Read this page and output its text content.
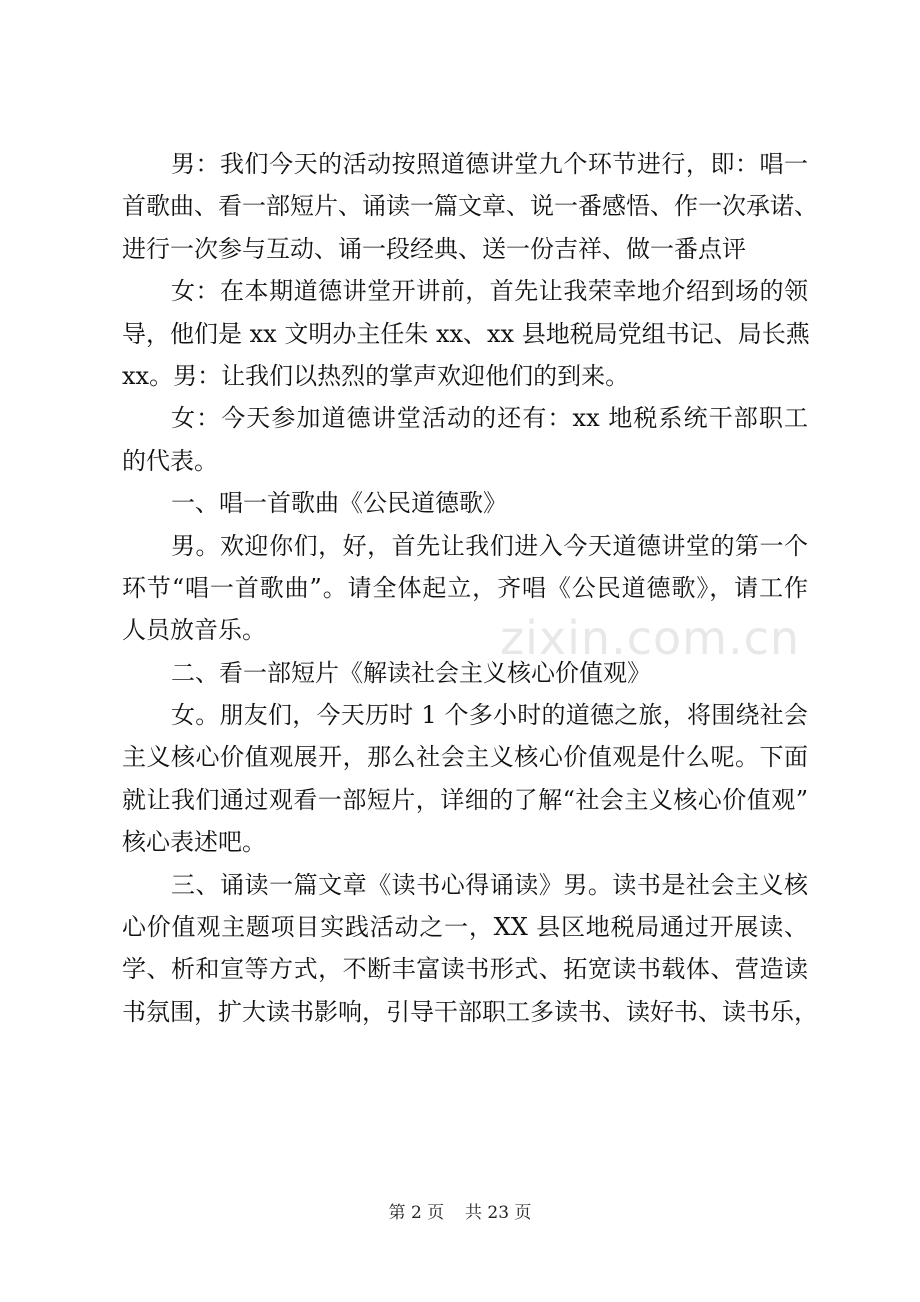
男：我们今天的活动按照道德讲堂九个环节进行，即：唱一
首歌曲、看一部短片、诵读一篇文章、说一番感悟、作一次承诺、
进行一次参与互动、诵一段经典、送一份吉祥、做一番点评
女：在本期道德讲堂开讲前，首先让我荣幸地介绍到场的领
导，他们是 xx 文明办主任朱 xx、xx 县地税局党组书记、局长燕
xx。男：让我们以热烈的掌声欢迎他们的到来。
女：今天参加道德讲堂活动的还有：xx 地税系统干部职工
的代表。
一、唱一首歌曲《公民道德歌》
男。欢迎你们，好，首先让我们进入今天道德讲堂的第一个
环节“唱一首歌曲”。请全体起立，齐唱《公民道德歌》，请工作
人员放音乐。
二、看一部短片《解读社会主义核心价值观》
女。朋友们，今天历时 1 个多小时的道德之旅，将围绕社会
主义核心价值观展开，那么社会主义核心价值观是什么呢。下面
就让我们通过观看一部短片，详细的了解“社会主义核心价值观”
核心表述吧。
三、诵读一篇文章《读书心得诵读》男。读书是社会主义核
心价值观主题项目实践活动之一，XX 县区地税局通过开展读、
学、析和宣等方式，不断丰富读书形式、拓宽读书载体、营造读
书氛围，扩大读书影响，引导干部职工多读书、读好书、读书乐，
zixin.com.cn
第 2 页 共 23 页
